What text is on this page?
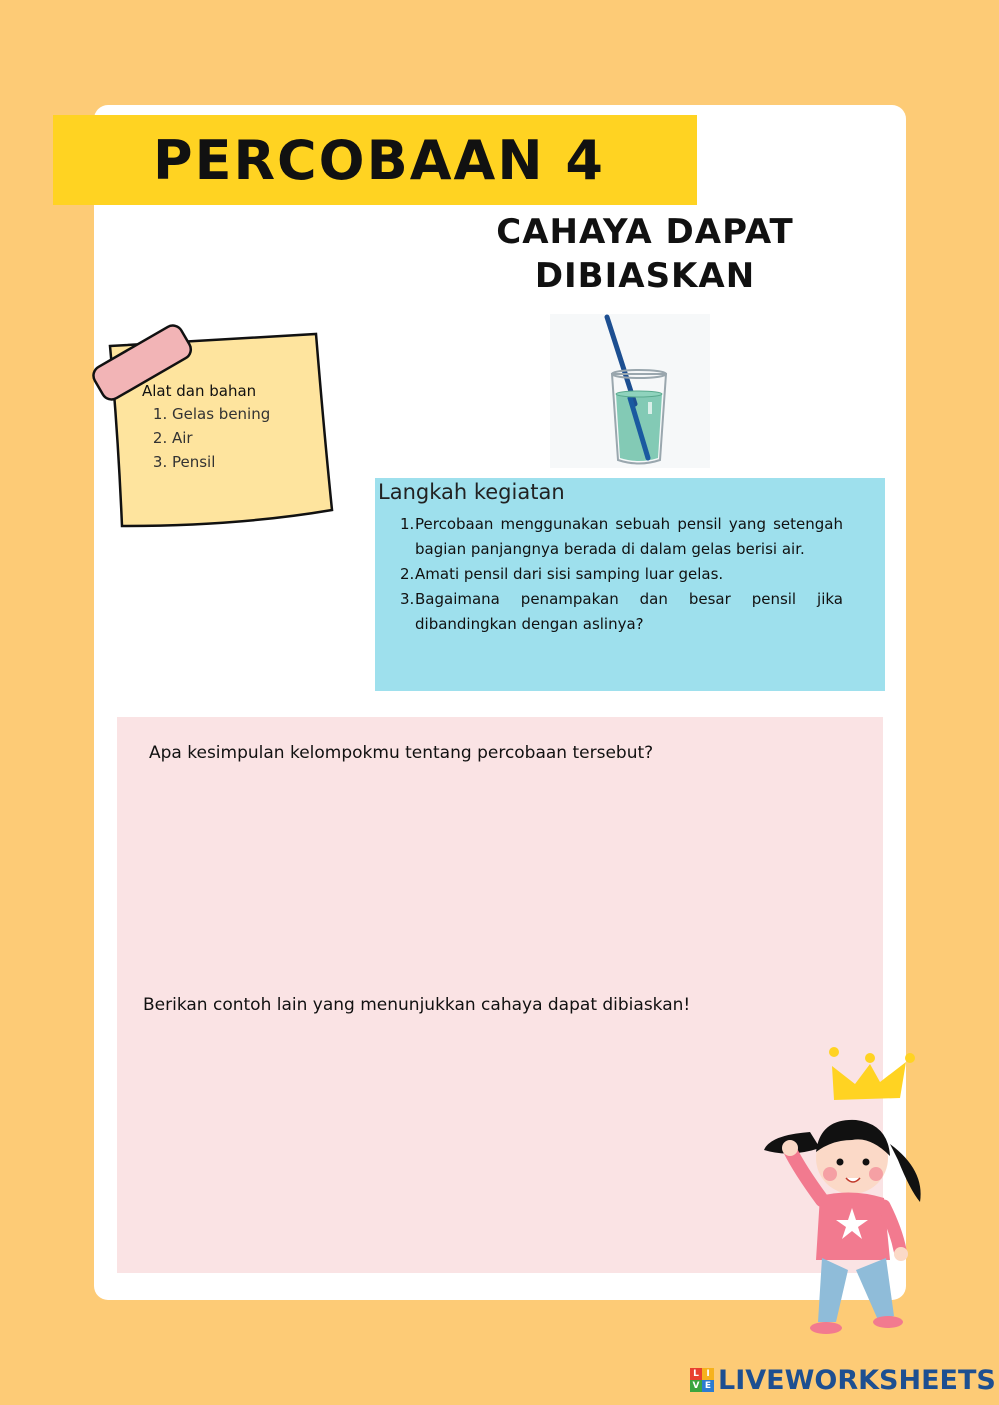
PERCOBAAN 4
CAHAYA DAPAT
DIBIASKAN
Alat dan bahan
1. Gelas bening
2. Air
3. Pensil
Langkah kegiatan
1. Percobaan menggunakan sebuah pensil yang setengah bagian panjangnya berada di dalam gelas berisi air.
2. Amati pensil dari sisi samping luar gelas.
3. Bagaimana penampakan dan besar pensil jika dibandingkan dengan aslinya?
Apa kesimpulan kelompokmu tentang percobaan tersebut?
Berikan contoh lain yang menunjukkan cahaya dapat dibiaskan!
L I
V E LIVEWORKSHEETS
